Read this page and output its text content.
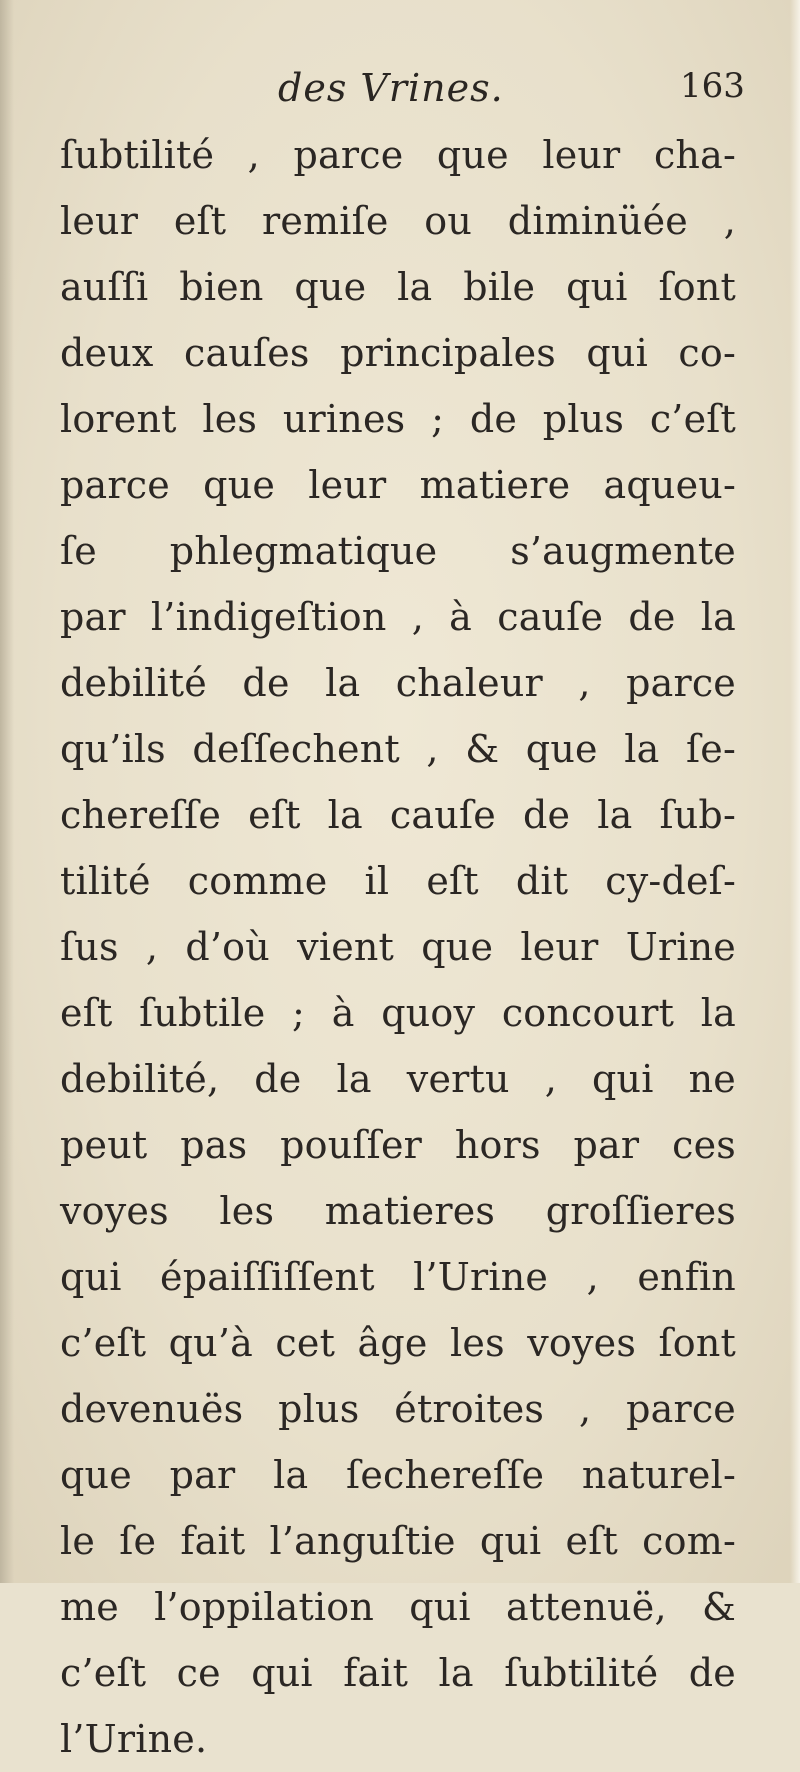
des Vrines.	163
ſubtilité , parce que leur cha-
leur eſt remiſe ou diminüée ,
auſſi bien que la bile qui ſont
deux cauſes principales qui co-
lorent les urines ; de plus c’eſt
parce que leur matiere aqueu-
ſe phlegmatique s’augmente
par l’indigeſtion , à cauſe de la
debilité de la chaleur , parce
qu’ils deſſechent , & que la ſe-
chereſſe eſt la cauſe de la ſub-
tilité comme il eſt dit cy-deſ-
ſus , d’où vient que leur Urine
eſt ſubtile ; à quoy concourt la
debilité, de la vertu , qui ne
peut pas pouſſer hors par ces
voyes les matieres groſſieres
qui épaiſſiſſent l’Urine , enfin
c’eſt qu’à cet âge les voyes ſont
devenuës plus étroites , parce
que par la ſechereſſe naturel-
le ſe fait l’anguſtie qui eſt com-
me l’oppilation qui attenuë, &
c’eſt ce qui fait la ſubtilité de
l’Urine.
